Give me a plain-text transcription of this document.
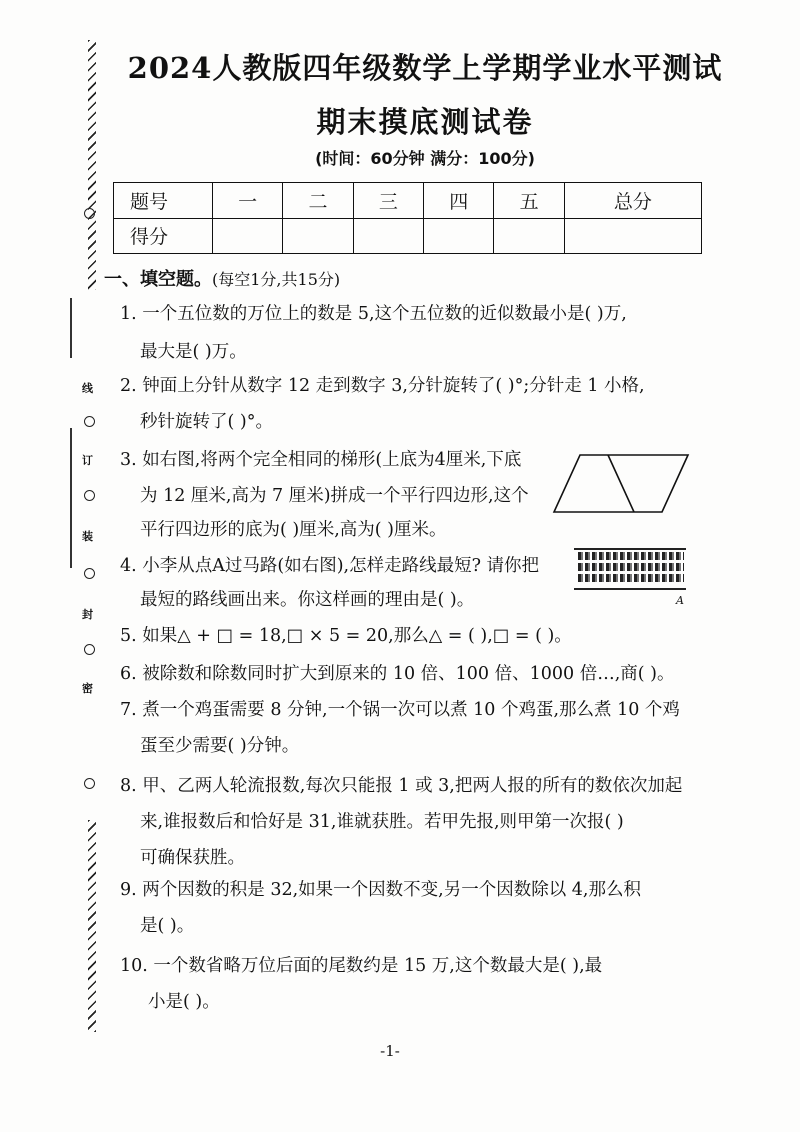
线
订
装
封
密
2024人教版四年级数学上学期学业水平测试
期末摸底测试卷
(时间：60分钟 满分：100分)
题号	一	二	三	四	五	总分
得分						
一、填空题。(每空1分,共15分)
1. 一个五位数的万位上的数是 5,这个五位数的近似数最小是( )万,
最大是( )万。
2. 钟面上分针从数字 12 走到数字 3,分针旋转了( )°;分针走 1 小格,
秒针旋转了( )°。
3. 如右图,将两个完全相同的梯形(上底为4厘米,下底
为 12 厘米,高为 7 厘米)拼成一个平行四边形,这个
平行四边形的底为( )厘米,高为( )厘米。
4. 小李从点A过马路(如右图),怎样走路线最短? 请你把
最短的路线画出来。你这样画的理由是( )。
5. 如果△ + □ = 18,□ × 5 = 20,那么△ = ( ),□ = ( )。
6. 被除数和除数同时扩大到原来的 10 倍、100 倍、1000 倍…,商( )。
7. 煮一个鸡蛋需要 8 分钟,一个锅一次可以煮 10 个鸡蛋,那么煮 10 个鸡
蛋至少需要( )分钟。
8. 甲、乙两人轮流报数,每次只能报 1 或 3,把两人报的所有的数依次加起
来,谁报数后和恰好是 31,谁就获胜。若甲先报,则甲第一次报( )
可确保获胜。
9. 两个因数的积是 32,如果一个因数不变,另一个因数除以 4,那么积
是( )。
10. 一个数省略万位后面的尾数约是 15 万,这个数最大是( ),最
小是( )。
A
-1-
